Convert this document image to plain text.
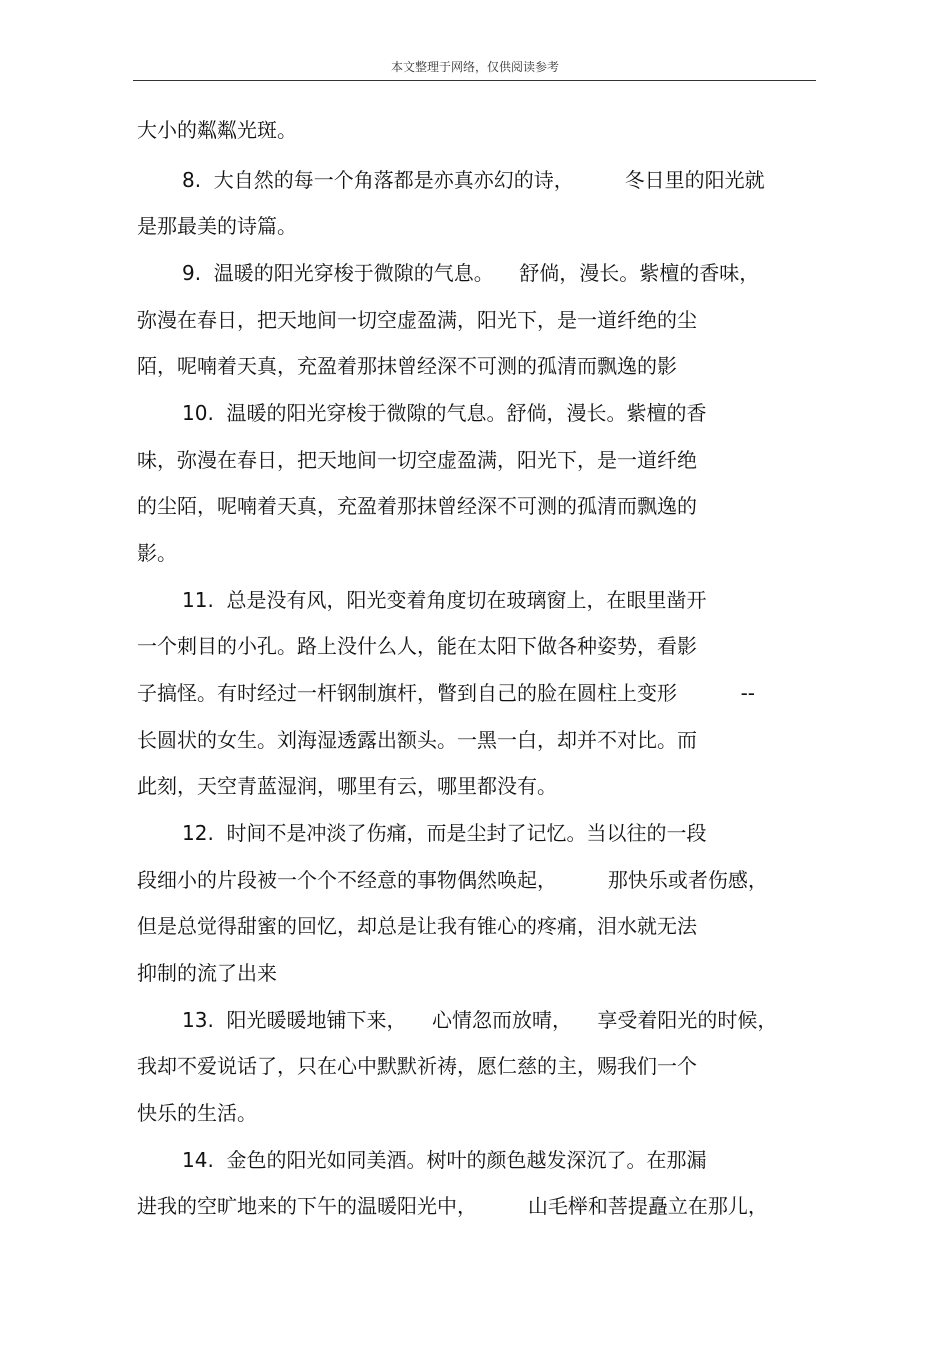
本文整理于网络，仅供阅读参考
大小的粼粼光斑。
8.  大自然的每一个角落都是亦真亦幻的诗，        冬日里的阳光就
是那最美的诗篇。
9.  温暖的阳光穿梭于微隙的气息。    舒倘，漫长。紫檀的香味，
弥漫在春日，把天地间一切空虚盈满，阳光下，是一道纤绝的尘
陌，呢喃着天真，充盈着那抹曾经深不可测的孤清而飘逸的影
10.  温暖的阳光穿梭于微隙的气息。舒倘，漫长。紫檀的香
味，弥漫在春日，把天地间一切空虚盈满，阳光下，是一道纤绝
的尘陌，呢喃着天真，充盈着那抹曾经深不可测的孤清而飘逸的
影。
11.  总是没有风，阳光变着角度切在玻璃窗上，在眼里凿开
一个刺目的小孔。路上没什么人，能在太阳下做各种姿势，看影
子搞怪。有时经过一杆钢制旗杆，瞥到自己的脸在圆柱上变形          --
长圆状的女生。刘海湿透露出额头。一黑一白，却并不对比。而
此刻，天空青蓝湿润，哪里有云，哪里都没有。
12.  时间不是冲淡了伤痛，而是尘封了记忆。当以往的一段
段细小的片段被一个个不经意的事物偶然唤起，        那快乐或者伤感，
但是总觉得甜蜜的回忆，却总是让我有锥心的疼痛，泪水就无法
抑制的流了出来
13.  阳光暖暖地铺下来，    心情忽而放晴，    享受着阳光的时候，
我却不爱说话了，只在心中默默祈祷，愿仁慈的主，赐我们一个
快乐的生活。
14.  金色的阳光如同美酒。树叶的颜色越发深沉了。在那漏
进我的空旷地来的下午的温暖阳光中，        山毛榉和菩提矗立在那儿，
